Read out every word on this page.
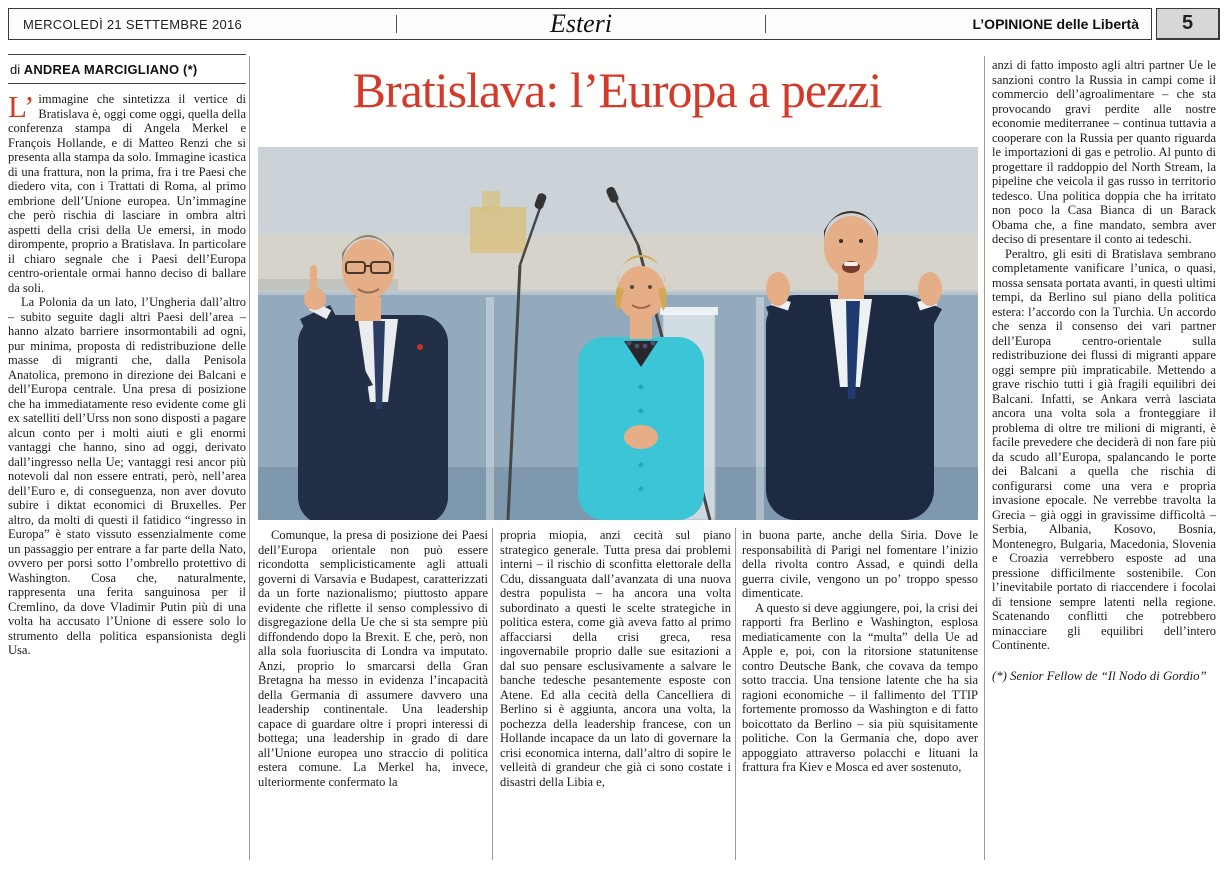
MERCOLEDÌ 21 SETTEMBRE 2016	Esteri	L’OPINIONE delle Libertà	5
di ANDREA MARCIGLIANO (*)	Bratislava: l’Europa a pezzi

L’ immagine che sintetizza il vertice di Bratislava è, oggi come oggi, quella della conferenza stampa di Angela Merkel e François Hollande, e di Matteo Renzi che si presenta alla stampa da solo. Immagine icastica di una frattura, non la prima, fra i tre Paesi che diedero vita, con i Trattati di Roma, al primo embrione dell’Unione europea. Un’immagine che però rischia di lasciare in ombra altri aspetti della crisi della Ue emersi, in modo dirompente, proprio a Bratislava. In particolare il chiaro segnale che i Paesi dell’Europa centro-orientale ormai hanno deciso di ballare da soli.

La Polonia da un lato, l’Ungheria dall’altro – subito seguite dagli altri Paesi dell’area – hanno alzato barriere insormontabili ad ogni, pur minima, proposta di redistribuzione delle masse di migranti che, dalla Penisola Anatolica, premono in direzione dei Balcani e dell’Europa centrale. Una presa di posizione che ha immediatamente reso evidente come gli ex satelliti dell’Urss non sono disposti a pagare alcun conto per i molti aiuti e gli enormi vantaggi che hanno, sino ad oggi, derivato dall’ingresso nella Ue; vantaggi resi ancor più notevoli dal non essere entrati, però, nell’area dell’Euro e, di conseguenza, non aver dovuto subire i diktat economici di Bruxelles. Per altro, da molti di questi il fatidico “ingresso in Europa” è stato vissuto essenzialmente come un passaggio per entrare a far parte della Nato, ovvero per porsi sotto l’ombrello protettivo di Washington. Cosa che, naturalmente, rappresenta una ferita sanguinosa per il Cremlino, da dove Vladimir Putin più di una volta ha accusato l’Unione di essere solo lo strumento della politica espansionista degli Usa.

Comunque, la presa di posizione dei Paesi dell’Europa orientale non può essere ricondotta semplicisticamente agli attuali governi di Varsavia e Budapest, caratterizzati da un forte nazionalismo; piuttosto appare evidente che riflette il senso complessivo di disgregazione della Ue che si sta sempre più diffondendo dopo la Brexit. E che, però, non alla sola fuoriuscita di Londra va imputato. Anzi, proprio lo smarcarsi della Gran Bretagna ha messo in evidenza l’incapacità della Germania di assumere davvero una leadership continentale. Una leadership capace di guardare oltre i propri interessi di bottega; una leadership in grado di dare all’Unione europea uno straccio di politica estera comune. La Merkel ha, invece, ulteriormente confermato la

propria miopia, anzi cecità sul piano strategico generale. Tutta presa dai problemi interni – il rischio di sconfitta elettorale della Cdu, dissanguata dall’avanzata di una nuova destra populista – ha ancora una volta subordinato a questi le scelte strategiche in politica estera, come già aveva fatto al primo affacciarsi della crisi greca, resa ingovernabile proprio dalle sue esitazioni a dal suo pensare esclusivamente a salvare le banche tedesche pesantemente esposte con Atene. Ed alla cecità della Cancelliera di Berlino si è aggiunta, ancora una volta, la pochezza della leadership francese, con un Hollande incapace da un lato di governare la crisi economica interna, dall’altro di sopire le velleità di grandeur che già ci sono costate i disastri della Libia e,

in buona parte, anche della Siria. Dove le responsabilità di Parigi nel fomentare l’inizio della rivolta contro Assad, e quindi della guerra civile, vengono un po’ troppo spesso dimenticate.

A questo si deve aggiungere, poi, la crisi dei rapporti fra Berlino e Washington, esplosa mediaticamente con la “multa” della Ue ad Apple e, poi, con la ritorsione statunitense contro Deutsche Bank, che covava da tempo sotto traccia. Una tensione latente che ha sia ragioni economiche – il fallimento del TTIP fortemente promosso da Washington e di fatto boicottato da Berlino – sia più squisitamente politiche. Con la Germania che, dopo aver appoggiato attraverso polacchi e lituani la frattura fra Kiev e Mosca ed aver sostenuto,

anzi di fatto imposto agli altri partner Ue le sanzioni contro la Russia in campi come il commercio dell’agroalimentare – che sta provocando gravi perdite alle nostre economie mediterranee – continua tuttavia a cooperare con la Russia per quanto riguarda le importazioni di gas e petrolio. Al punto di progettare il raddoppio del North Stream, la pipeline che veicola il gas russo in territorio tedesco. Una politica doppia che ha irritato non poco la Casa Bianca di un Barack Obama che, a fine mandato, sembra aver deciso di presentare il conto ai tedeschi.

Peraltro, gli esiti di Bratislava sembrano completamente vanificare l’unica, o quasi, mossa sensata portata avanti, in questi ultimi tempi, da Berlino sul piano della politica estera: l’accordo con la Turchia. Un accordo che senza il consenso dei vari partner dell’Europa centro-orientale sulla redistribuzione dei flussi di migranti appare oggi sempre più impraticabile. Mettendo a grave rischio tutti i già fragili equilibri dei Balcani. Infatti, se Ankara verrà lasciata ancora una volta sola a fronteggiare il problema di oltre tre milioni di migranti, è facile prevedere che deciderà di non fare più da scudo all’Europa, spalancando le porte dei Balcani a quella che rischia di configurarsi come una vera e propria invasione epocale. Ne verrebbe travolta la Grecia – già oggi in gravissime difficoltà – Serbia, Albania, Kosovo, Bosnia, Montenegro, Bulgaria, Macedonia, Slovenia e Croazia verrebbero esposte ad una pressione difficilmente sostenibile. Con l’inevitabile portato di riaccendere i focolai di tensione sempre latenti nella regione. Scatenando conflitti che potrebbero minacciare gli equilibri dell’intero Continente.

(*) Senior Fellow de “Il Nodo di Gordio”
